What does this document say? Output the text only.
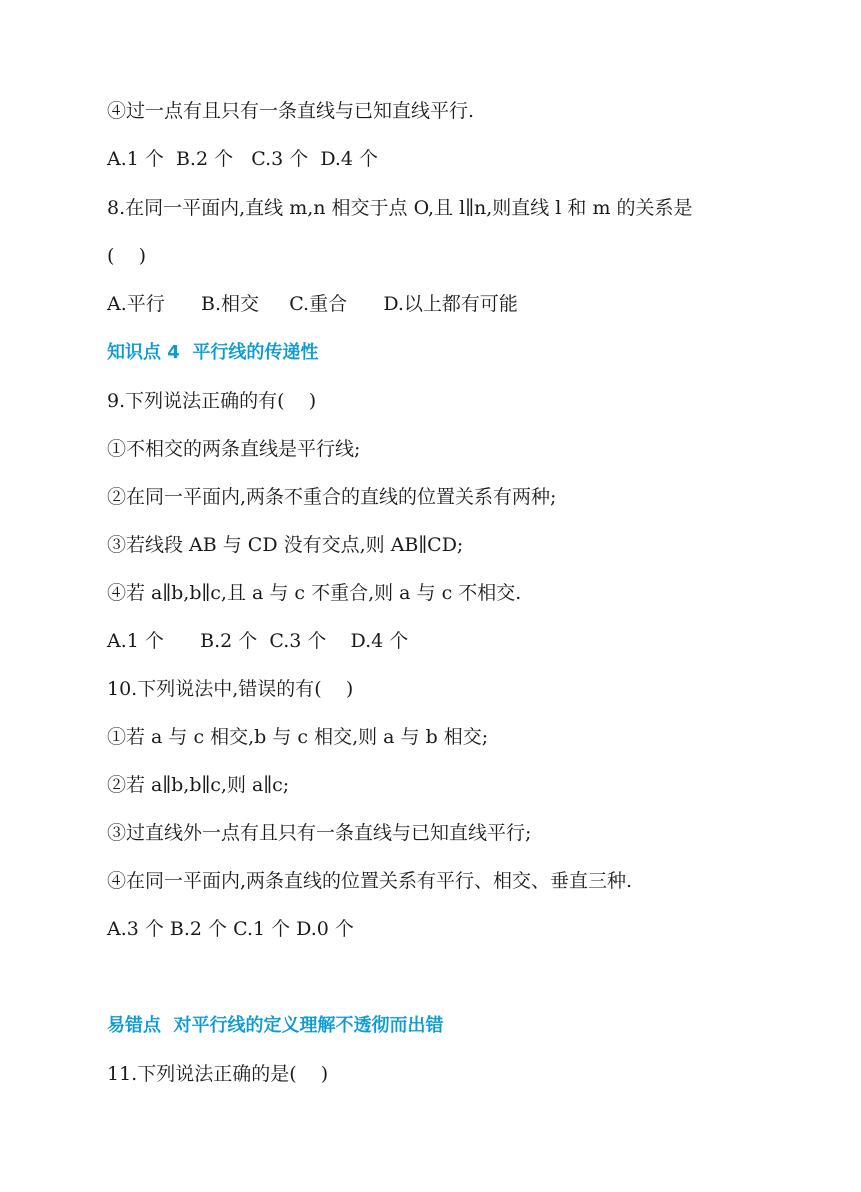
④过一点有且只有一条直线与已知直线平行.
A.1 个  B.2 个   C.3 个  D.4 个
8.在同一平面内,直线 m,n 相交于点 O,且 l∥n,则直线 l 和 m 的关系是
(    )
A.平行      B.相交     C.重合      D.以上都有可能
知识点 4  平行线的传递性
9.下列说法正确的有(    )
①不相交的两条直线是平行线;
②在同一平面内,两条不重合的直线的位置关系有两种;
③若线段 AB 与 CD 没有交点,则 AB∥CD;
④若 a∥b,b∥c,且 a 与 c 不重合,则 a 与 c 不相交.
A.1 个      B.2 个  C.3 个    D.4 个
10.下列说法中,错误的有(    )
①若 a 与 c 相交,b 与 c 相交,则 a 与 b 相交;
②若 a∥b,b∥c,则 a∥c;
③过直线外一点有且只有一条直线与已知直线平行;
④在同一平面内,两条直线的位置关系有平行、相交、垂直三种.
A.3 个 B.2 个 C.1 个 D.0 个
易错点  对平行线的定义理解不透彻而出错
11.下列说法正确的是(    )
